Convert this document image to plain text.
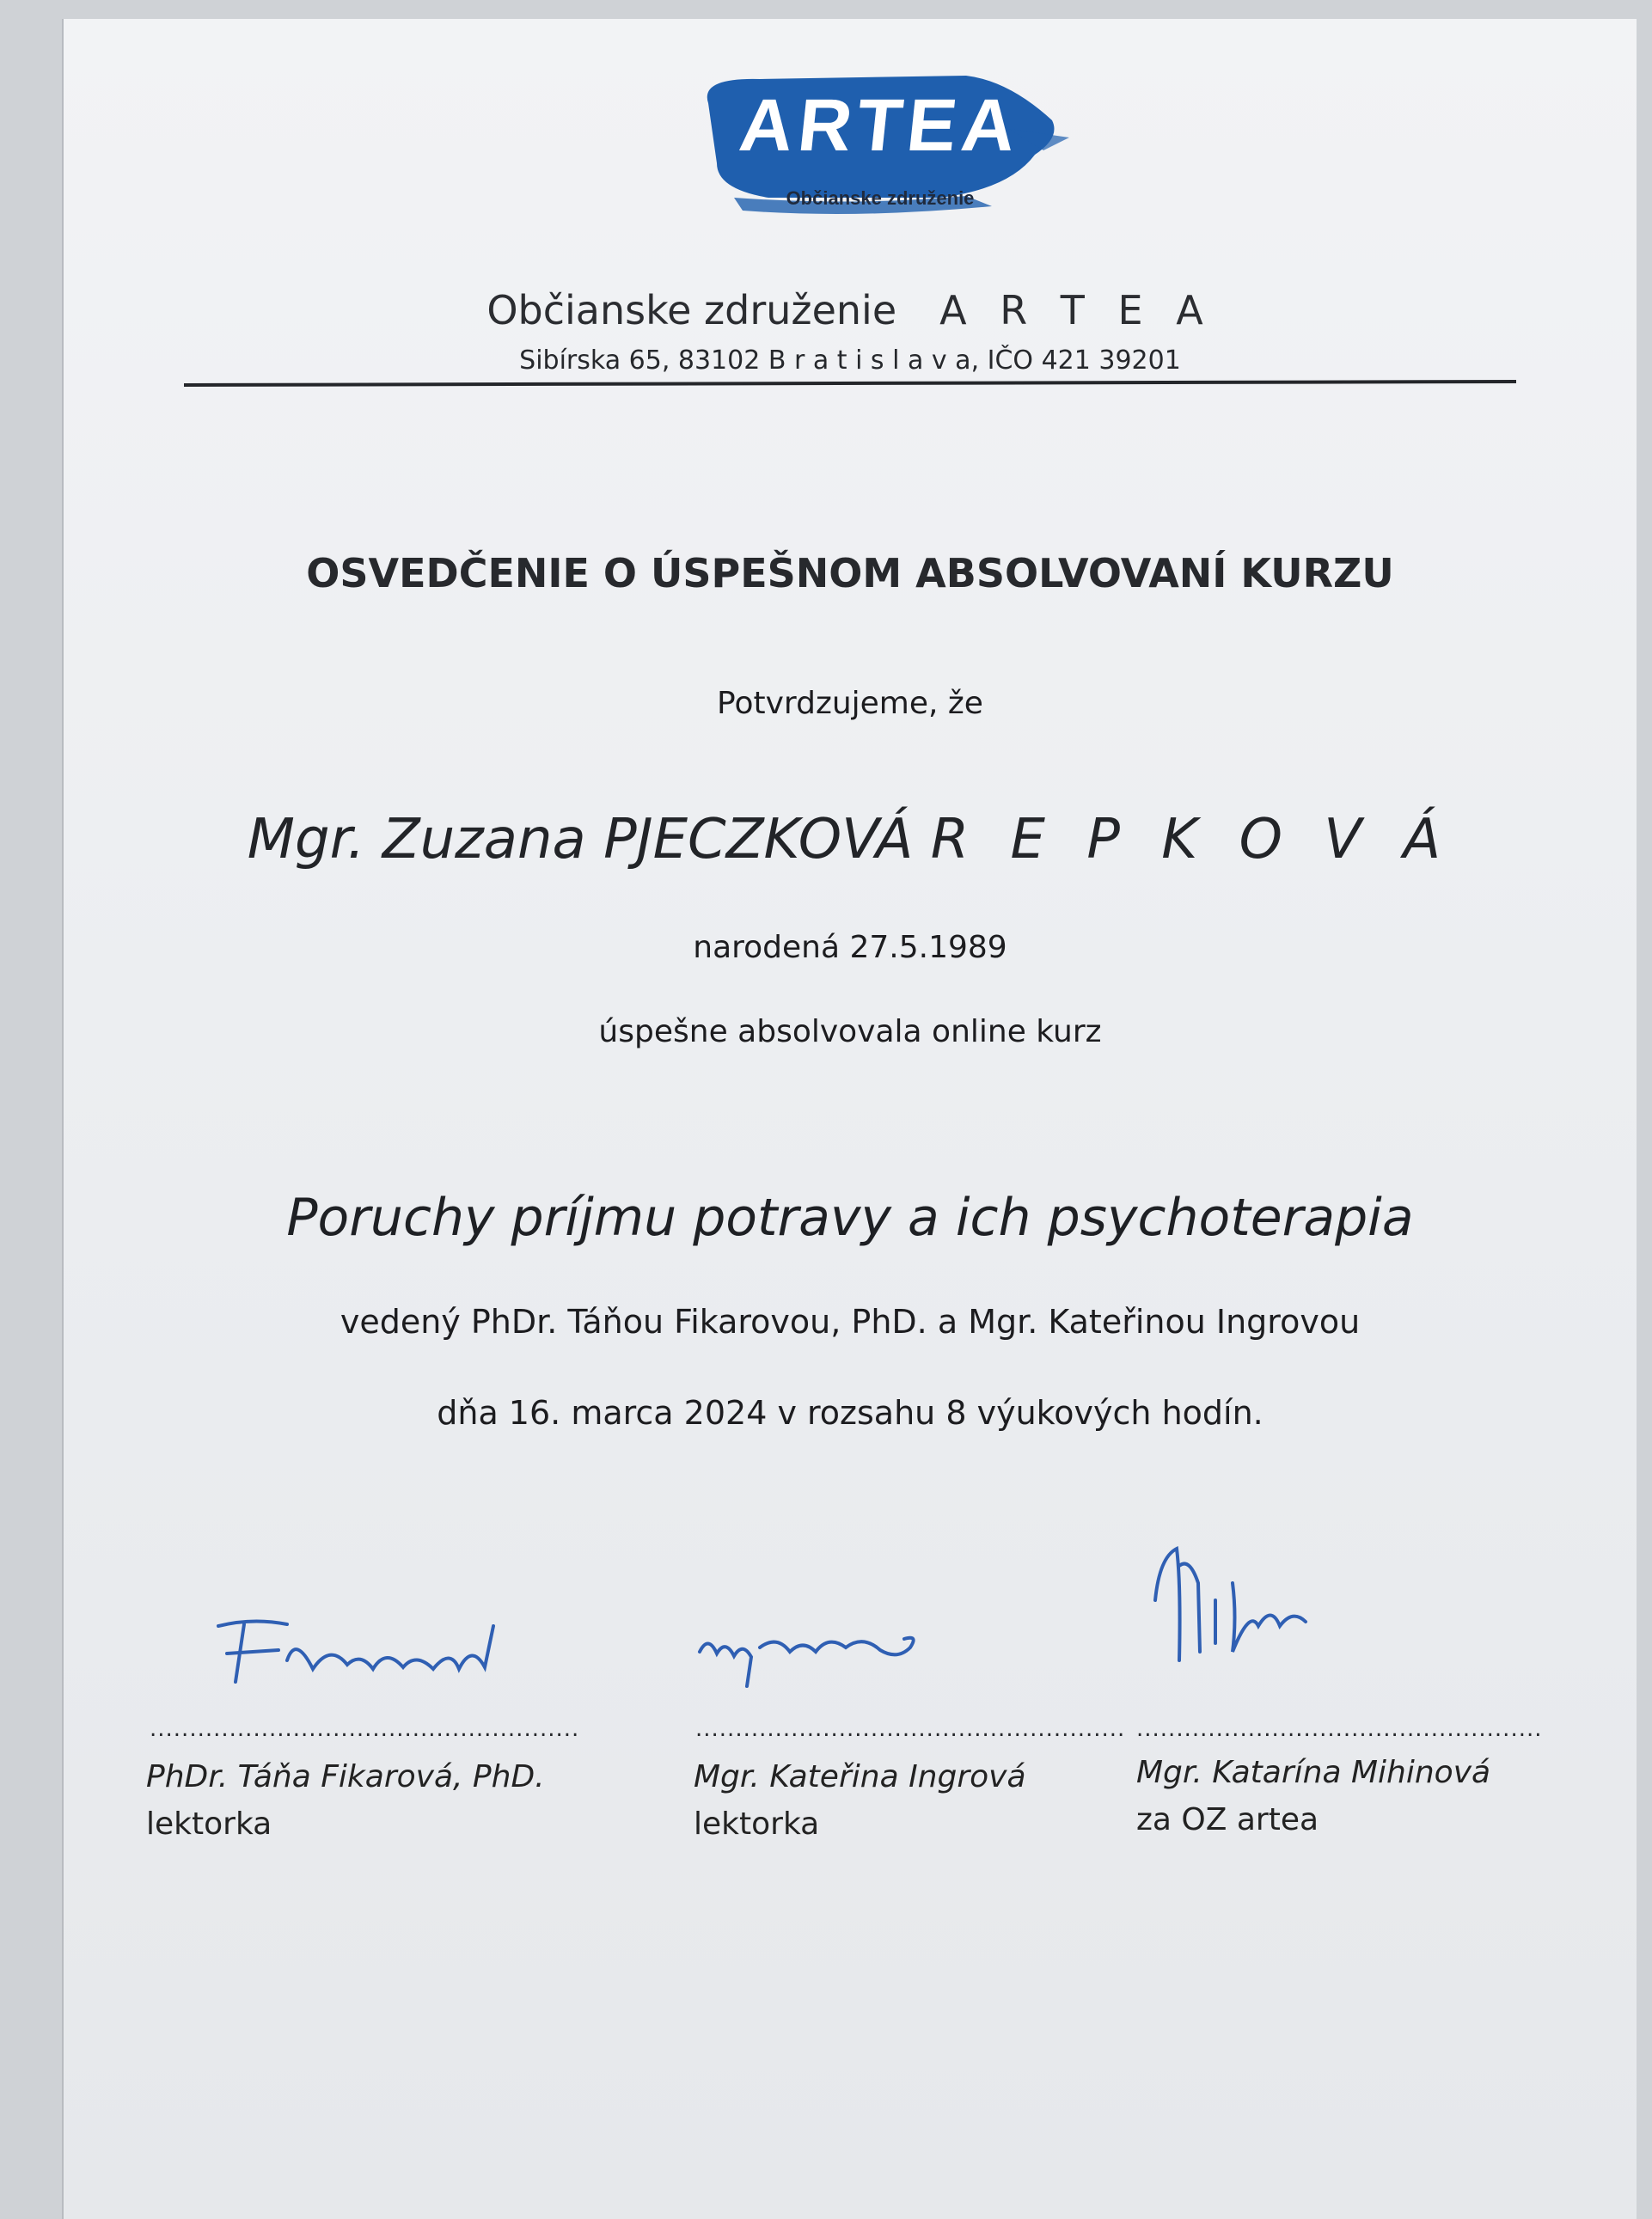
ARTEA
Občianske združenie
Občianske združenie A R T E A
Sibírska 65, 83102 B r a t i s l a v a, IČO 421 39201
OSVEDČENIE O ÚSPEŠNOM ABSOLVOVANÍ KURZU
Potvrdzujeme, že
Mgr. Zuzana PJECZKOVÁ R E P K O V Á
narodená 27.5.1989
úspešne absolvovala online kurz
Poruchy príjmu potravy a ich psychoterapia
vedený PhDr. Táňou Fikarovou, PhD. a Mgr. Kateřinou Ingrovou
dňa 16. marca 2024 v rozsahu 8 výukových hodín.
......................................................
PhDr. Táňa Fikarová, PhD.
lektorka
......................................................
Mgr. Kateřina Ingrová
lektorka
...................................................
Mgr. Katarína Mihinová
za OZ artea
